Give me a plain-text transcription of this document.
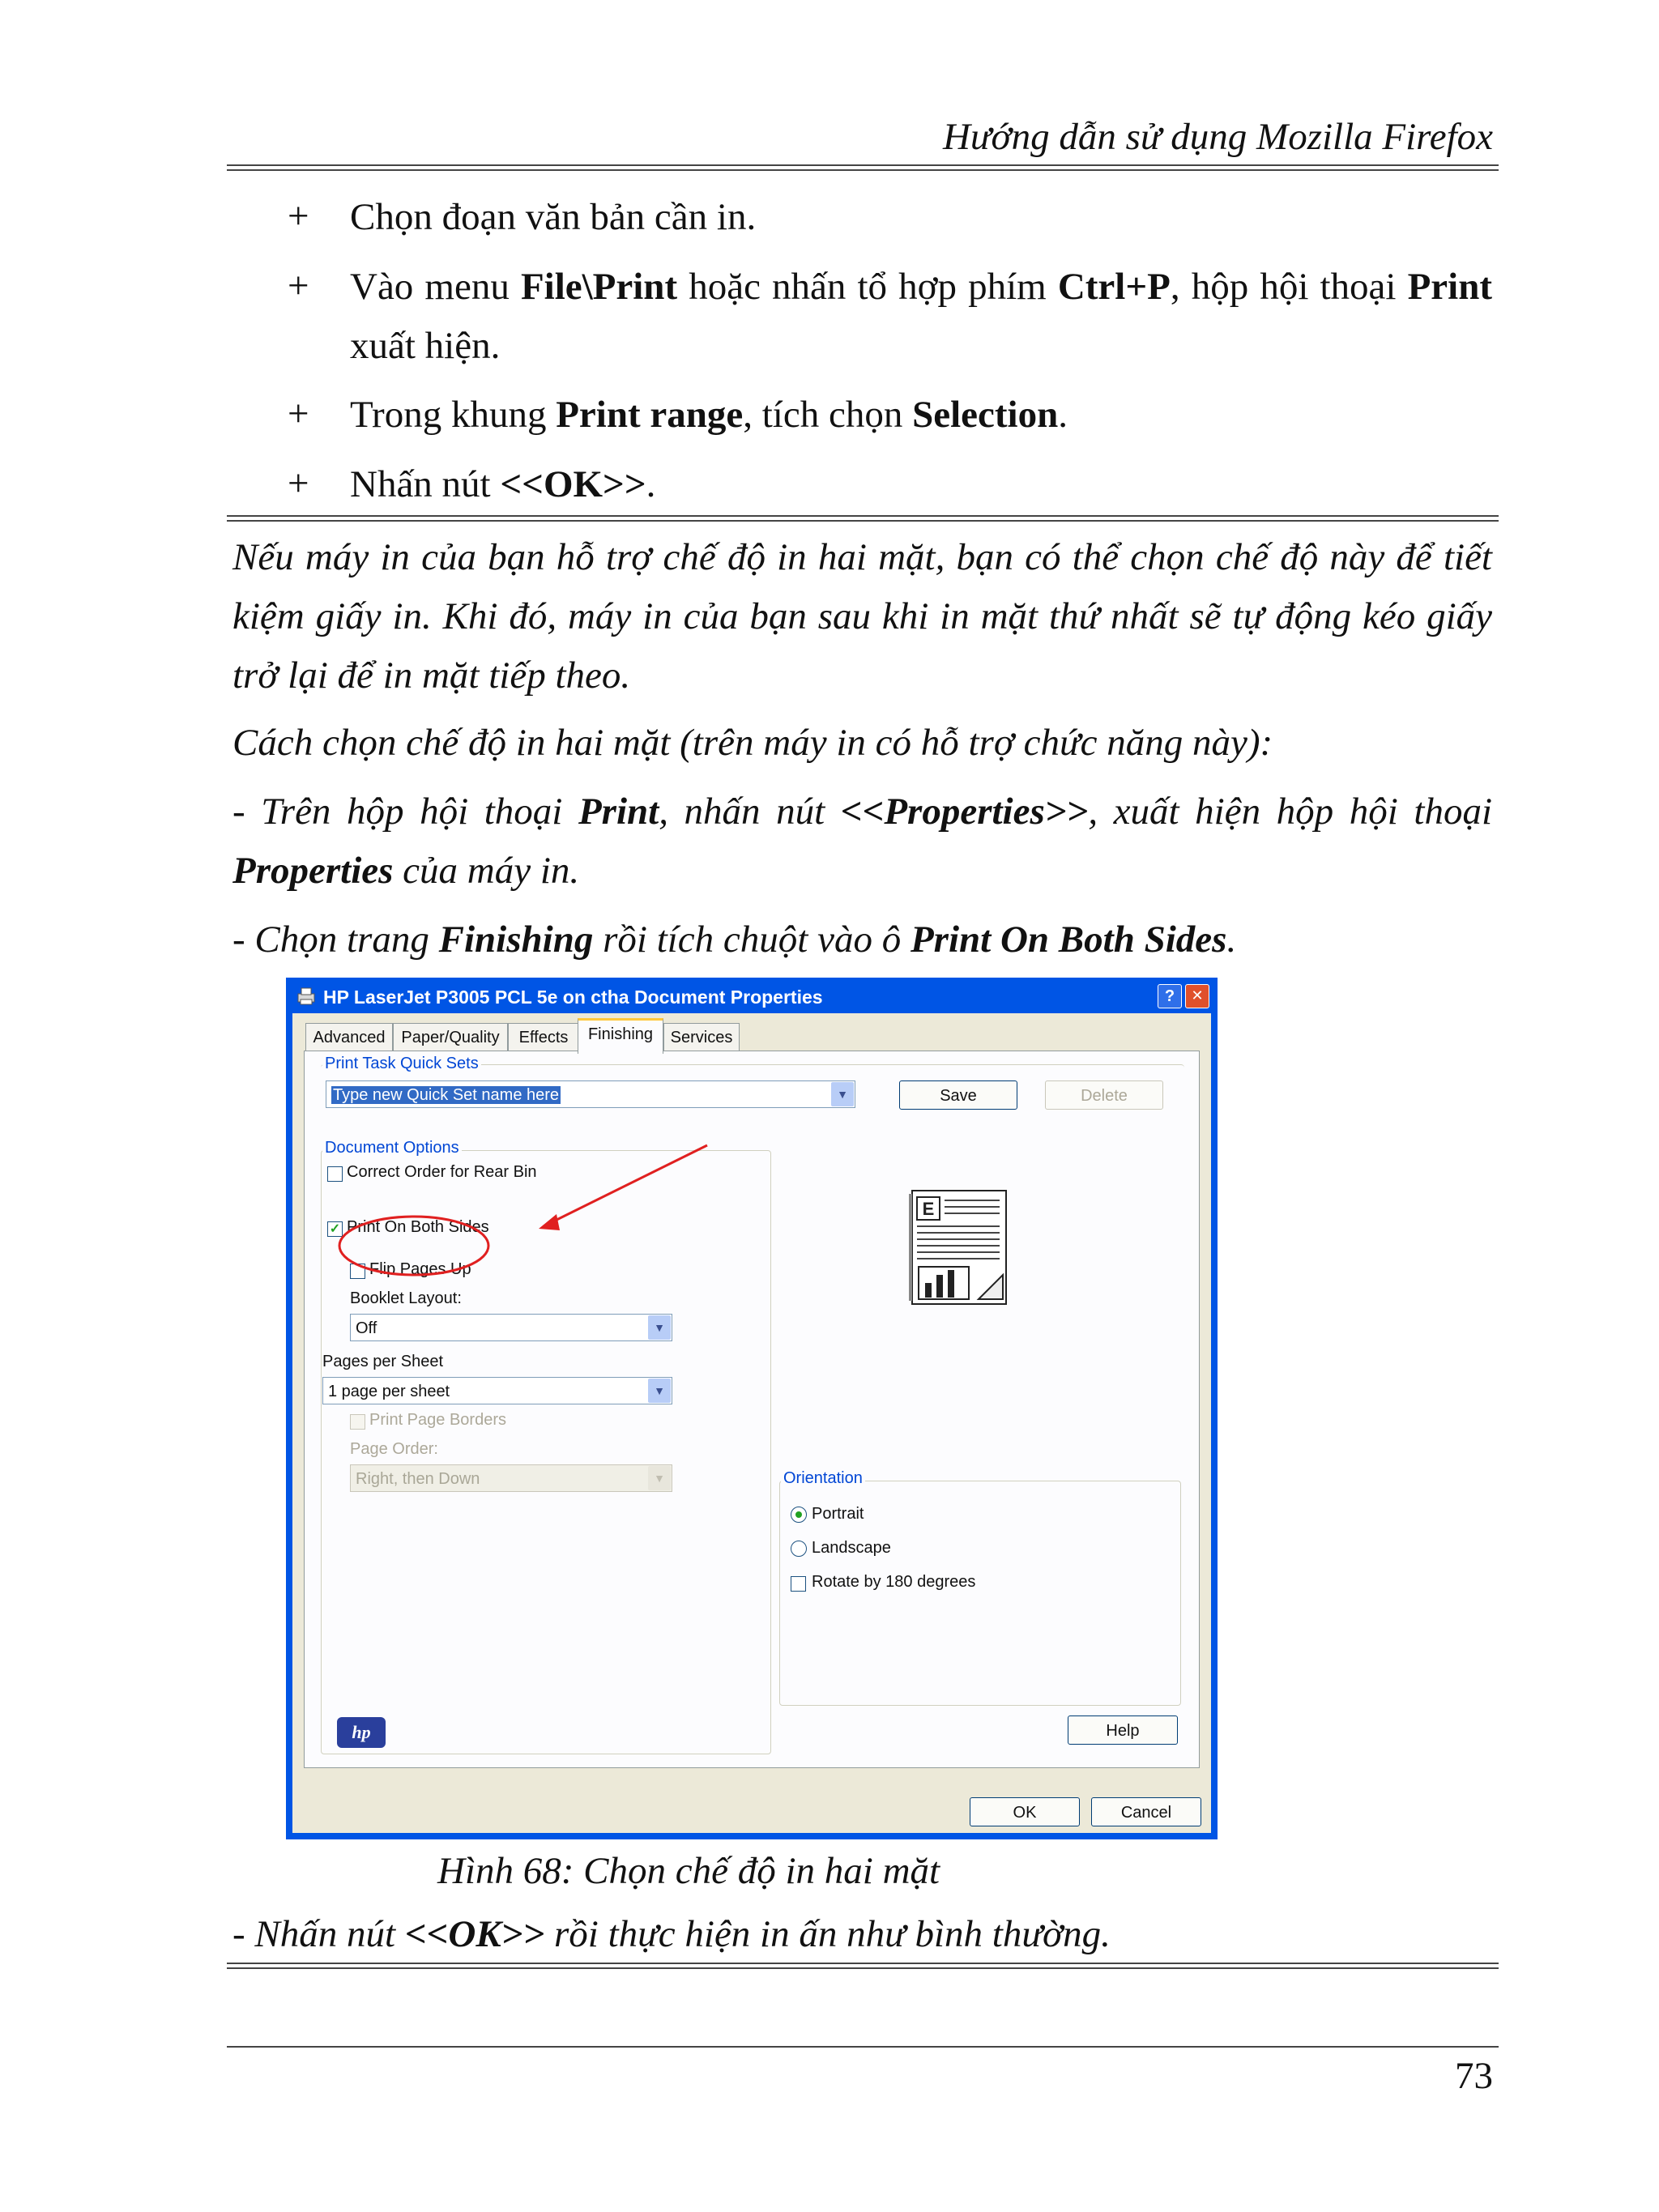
Hướng dẫn sử dụng Mozilla Firefox
+ Chọn đoạn văn bản cần in.
+ Vào menu File\Print hoặc nhấn tổ hợp phím Ctrl+P, hộp hội thoại Print xuất hiện.
+ Trong khung Print range, tích chọn Selection.
+ Nhấn nút <<OK>>.
Nếu máy in của bạn hỗ trợ chế độ in hai mặt, bạn có thể chọn chế độ này để tiết kiệm giấy in. Khi đó, máy in của bạn sau khi in mặt thứ nhất sẽ tự động kéo giấy trở lại để in mặt tiếp theo.
Cách chọn chế độ in hai mặt (trên máy in có hỗ trợ chức năng này):
- Trên hộp hội thoại Print, nhấn nút <<Properties>>, xuất hiện hộp hội thoại Properties của máy in.
- Chọn trang Finishing rồi tích chuột vào ô Print On Both Sides.
HP LaserJet P3005 PCL 5e on ctha Document Properties	?	✕
Advanced Paper/Quality	Effects	Finishing	Services
Print Task Quick Sets
Type new Quick Set name here	▼	Save	Delete
Document Options
Correct Order for Rear Bin
✓ Print On Both Sides
Flip Pages Up
Booklet Layout:
Off	▼
Pages per Sheet
1 page per sheet	▼
Print Page Borders
Page Order:
Right, then Down	▼
E
Orientation
Portrait
Landscape
Rotate by 180 degrees
hp	Help
OK	Cancel
Hình 68: Chọn chế độ in hai mặt
- Nhấn nút <<OK>> rồi thực hiện in ấn như bình thường.
73
